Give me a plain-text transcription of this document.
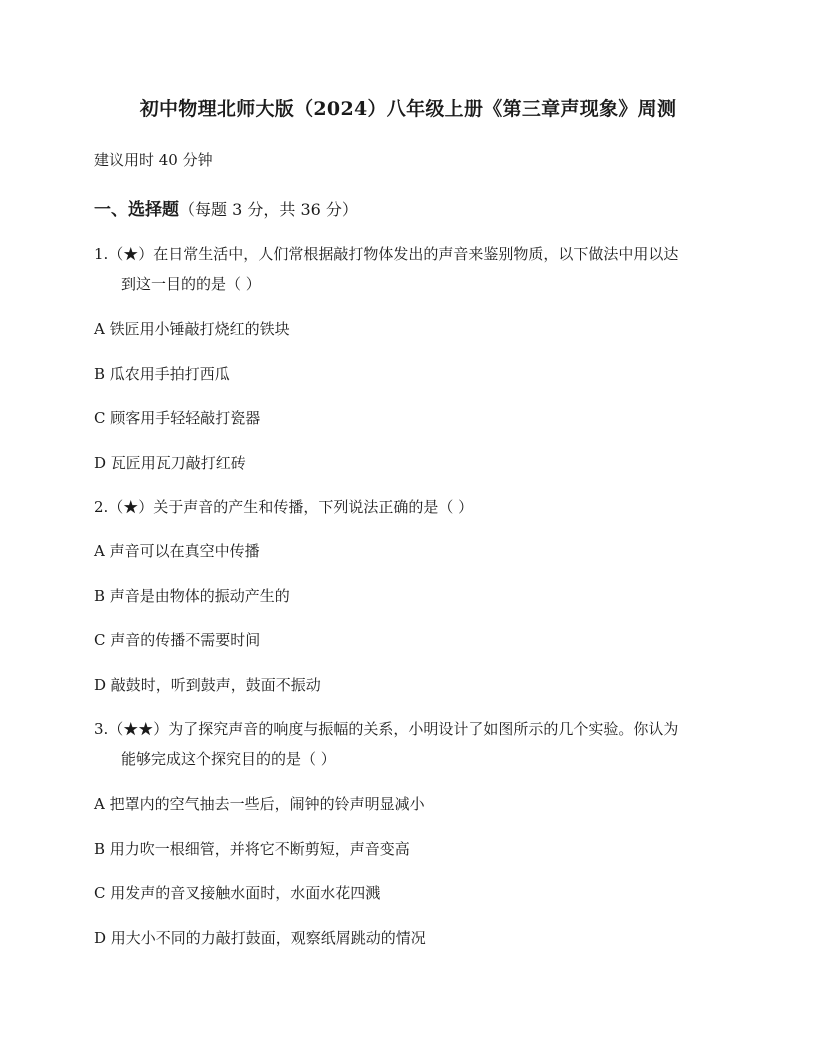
初中物理北师大版（2024）八年级上册《第三章声现象》周测
建议用时 40 分钟
一、选择题（每题 3 分，共 36 分）
1.（★）在日常生活中，人们常根据敲打物体发出的声音来鉴别物质，以下做法中用以达
到这一目的的是（ ）
A 铁匠用小锤敲打烧红的铁块
B 瓜农用手拍打西瓜
C 顾客用手轻轻敲打瓷器
D 瓦匠用瓦刀敲打红砖
2.（★）关于声音的产生和传播，下列说法正确的是（ ）
A 声音可以在真空中传播
B 声音是由物体的振动产生的
C 声音的传播不需要时间
D 敲鼓时，听到鼓声，鼓面不振动
3.（★★）为了探究声音的响度与振幅的关系，小明设计了如图所示的几个实验。你认为
能够完成这个探究目的的是（ ）
A 把罩内的空气抽去一些后，闹钟的铃声明显减小
B 用力吹一根细管，并将它不断剪短，声音变高
C 用发声的音叉接触水面时，水面水花四溅
D 用大小不同的力敲打鼓面，观察纸屑跳动的情况
